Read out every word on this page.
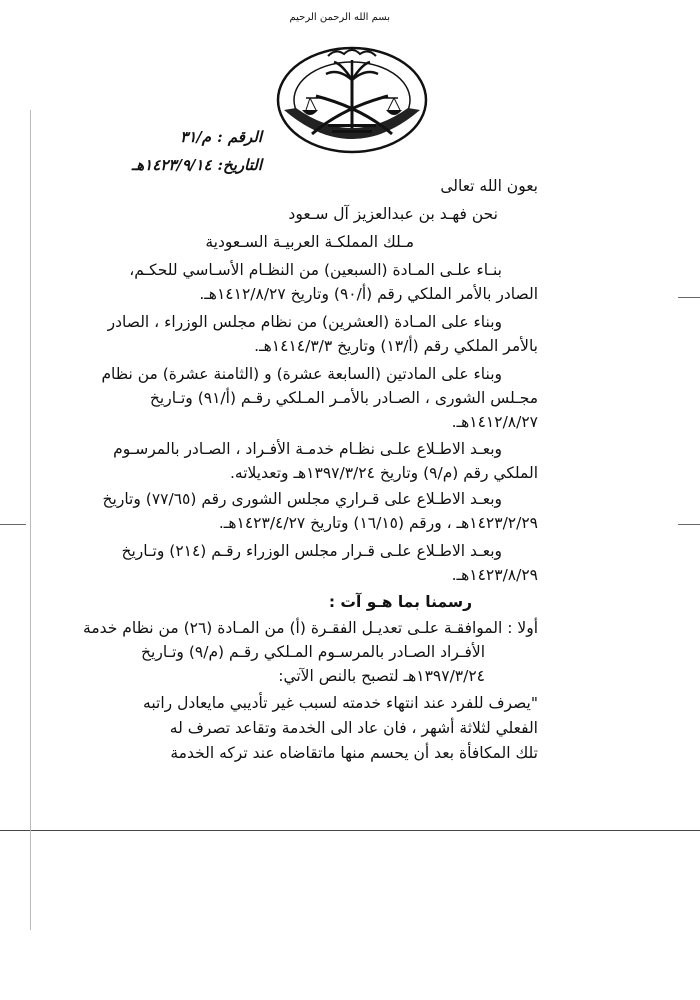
بسم الله الرحمن الرحيم
الرقم :م/٣١
التاريخ:١٤٢٣/٩/١٤هـ
بعون الله تعالى
نحن فهـد بن عبدالعزيز آل سـعود
مـلك المملكـة العربيـة السـعودية
بنـاء علـى المـادة (السبعين) من النظـام الأسـاسي للحكـم،
الصادر بالأمر الملكي رقم (أ/٩٠) وتاريخ ١٤١٢/٨/٢٧هـ.
وبناء على المـادة (العشرين) من نظام مجلس الوزراء ، الصادر
بالأمر الملكي رقم (أ/١٣) وتاريخ ١٤١٤/٣/٣هـ.
وبناء على المادتين (السابعة عشرة) و (الثامنة عشرة) من نظام
مجـلس الشورى ، الصـادر بالأمـر المـلكي رقـم (أ/٩١) وتـاريخ
١٤١٢/٨/٢٧هـ.
وبعـد الاطـلاع علـى نظـام خدمـة الأفـراد ، الصـادر بالمرسـوم
الملكي رقم (م/٩) وتاريخ ١٣٩٧/٣/٢٤هـ وتعديلاته.
وبعـد الاطـلاع على قـراري مجلس الشورى رقم (٧٧/٦٥) وتاريخ
١٤٢٣/٢/٢٩هـ ، ورقم (١٦/١٥) وتاريخ ١٤٢٣/٤/٢٧هـ.
وبعـد الاطـلاع علـى قـرار مجلس الوزراء رقـم (٢١٤) وتـاريخ
١٤٢٣/٨/٢٩هـ.
رسمنا بما هـو آت :
أولا : الموافقـة علـى تعديـل الفقـرة (أ) من المـادة (٢٦) من نظام خدمة
الأفـراد الصـادر بالمرسـوم المـلكي رقـم (م/٩) وتـاريخ
١٣٩٧/٣/٢٤هـ لتصبح بالنص الآتي:
"يصرف للفرد عند انتهاء خدمته لسبب غير تأديبي مايعادل راتبه
الفعلي لثلاثة أشهر ، فان عاد الى الخدمة وتقاعد تصرف له
تلك المكافأة بعد أن يحسم منها ماتقاضاه عند تركه الخدمة
